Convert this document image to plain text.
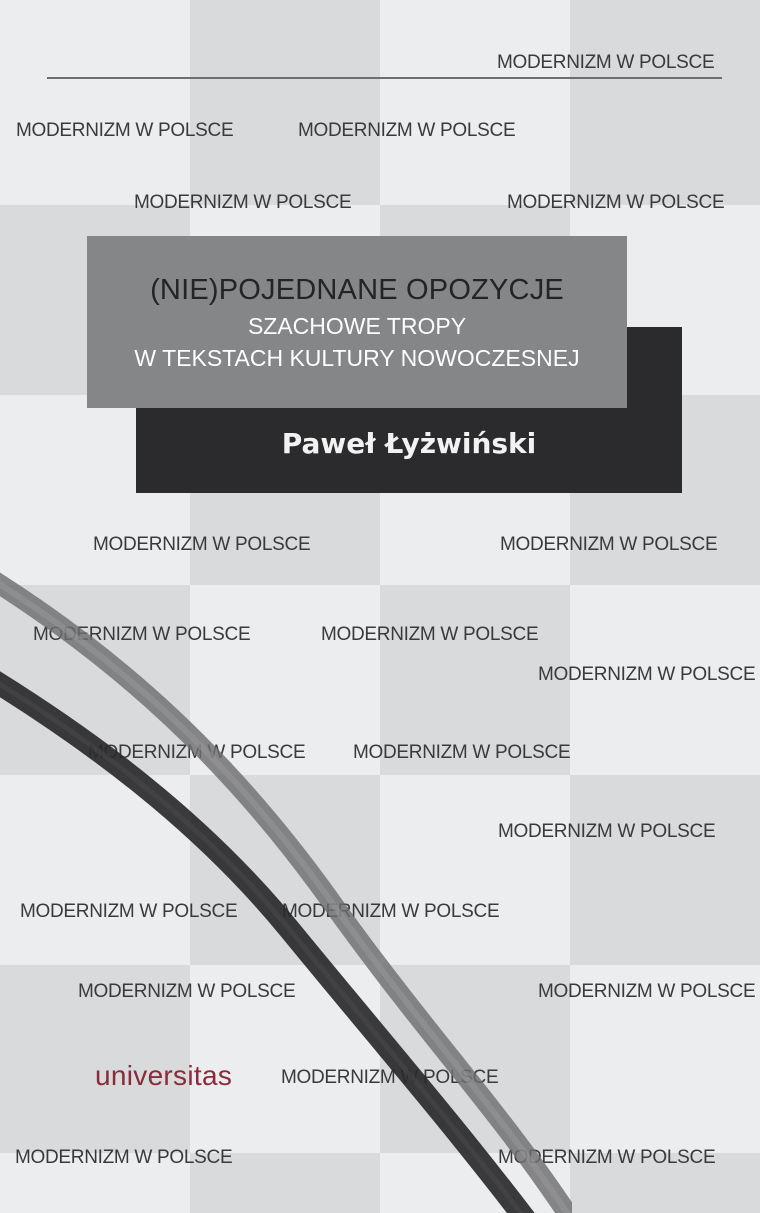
MODERNIZM W POLSCE
MODERNIZM W POLSCE	MODERNIZM W POLSCE
MODERNIZM W POLSCE	MODERNIZM W POLSCE
MODERNIZM W POLSCE	MODERNIZM W POLSCE
MODERNIZM W POLSCE	MODERNIZM W POLSCE
MODERNIZM W POLSCE
MODERNIZM W POLSCE	MODERNIZM W POLSCE
MODERNIZM W POLSCE
MODERNIZM W POLSCE MODERNIZM W POLSCE
MODERNIZM W POLSCE	MODERNIZM W POLSCE
MODERNIZM W POLSCE
MODERNIZM W POLSCE	MODERNIZM W POLSCE
(NIE)POJEDNANE OPOZYCJE
SZACHOWE TROPY
W TEKSTACH KULTURY NOWOCZESNEJ
Paweł Łyżwiński
universitas
